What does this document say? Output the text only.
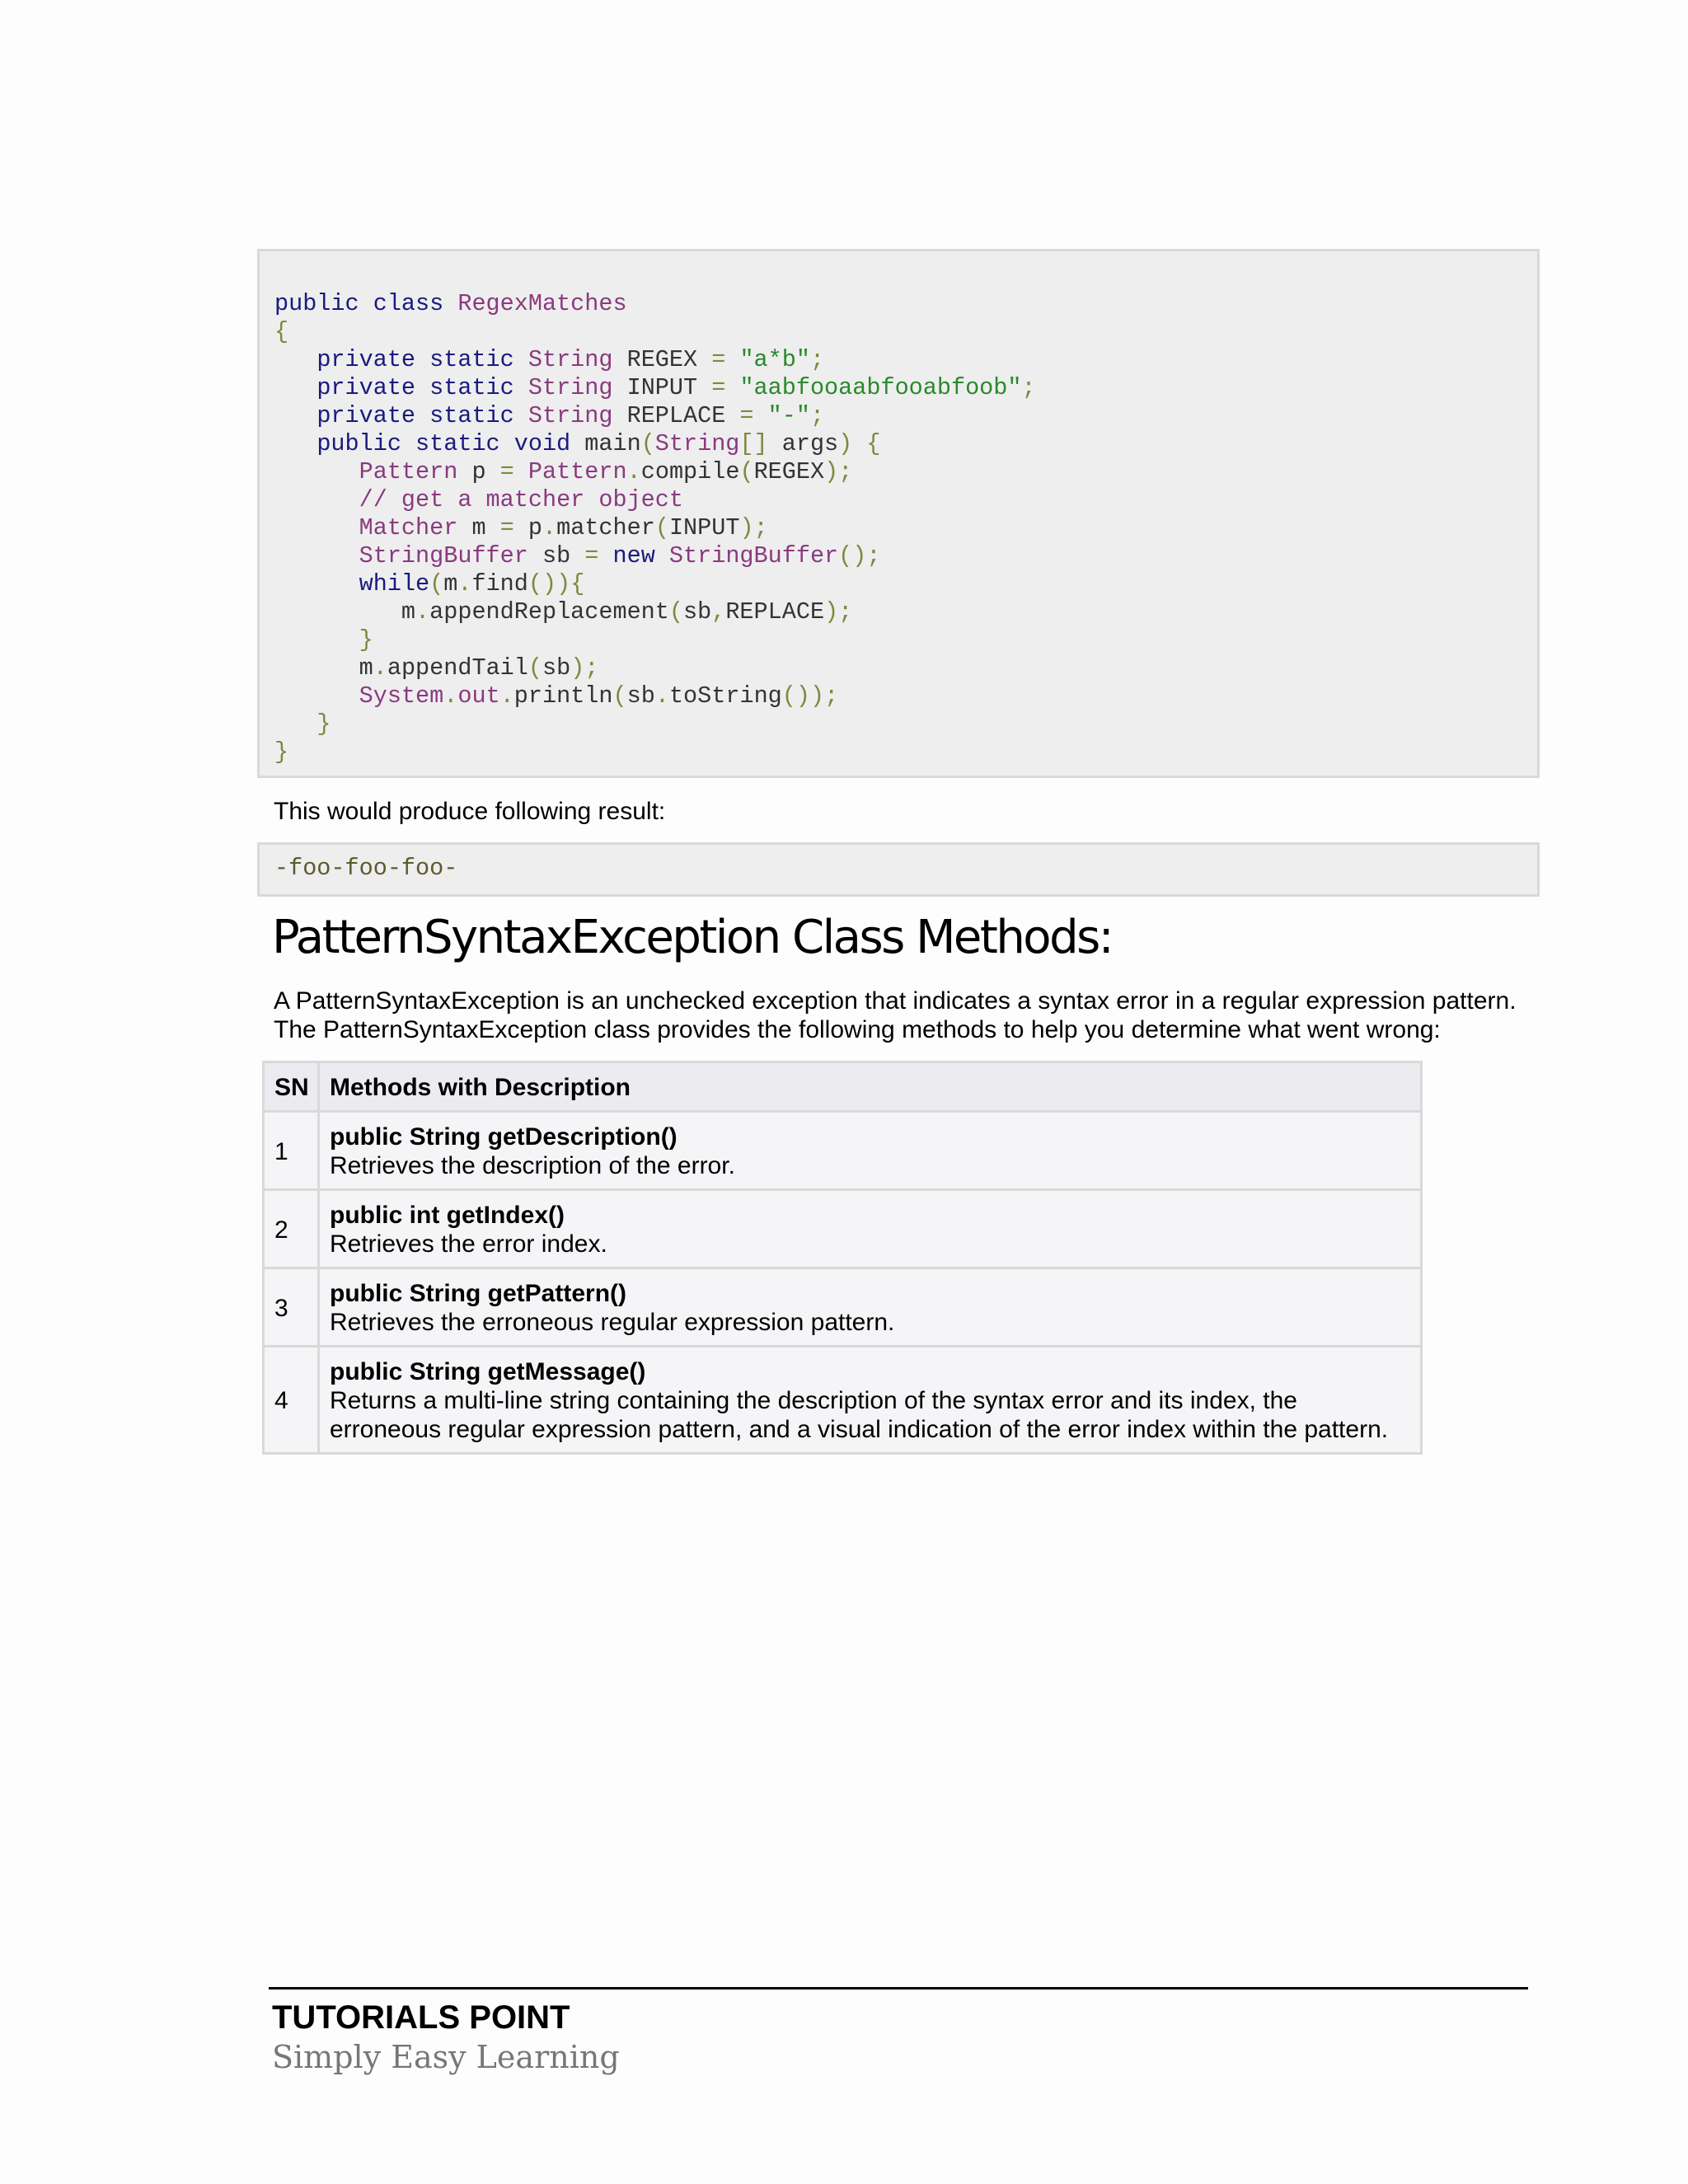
public class RegexMatches
{
private static String REGEX = "a*b";
private static String INPUT = "aabfooaabfooabfoob";
private static String REPLACE = "-";
public static void main(String[] args) {
Pattern p = Pattern.compile(REGEX);
// get a matcher object
Matcher m = p.matcher(INPUT);
StringBuffer sb = new StringBuffer();
while(m.find()){
m.appendReplacement(sb,REPLACE);
}
m.appendTail(sb);
System.out.println(sb.toString());
}
}

This would produce following result:

-foo-foo-foo-
PatternSyntaxException Class Methods:

A PatternSyntaxException is an unchecked exception that indicates a syntax error in a regular expression pattern. The PatternSyntaxException class provides the following methods to help you determine what went wrong:

SN	Methods with Description
1	public String getDescription()
Retrieves the description of the error.

2	public int getIndex()
Retrieves the error index.

3	public String getPattern()
Retrieves the erroneous regular expression pattern.

4	public String getMessage()
Returns a multi-line string containing the description of the syntax error and its index, the erroneous regular expression pattern, and a visual indication of the error index within the pattern.

TUTORIALS POINT

Simply Easy Learning
